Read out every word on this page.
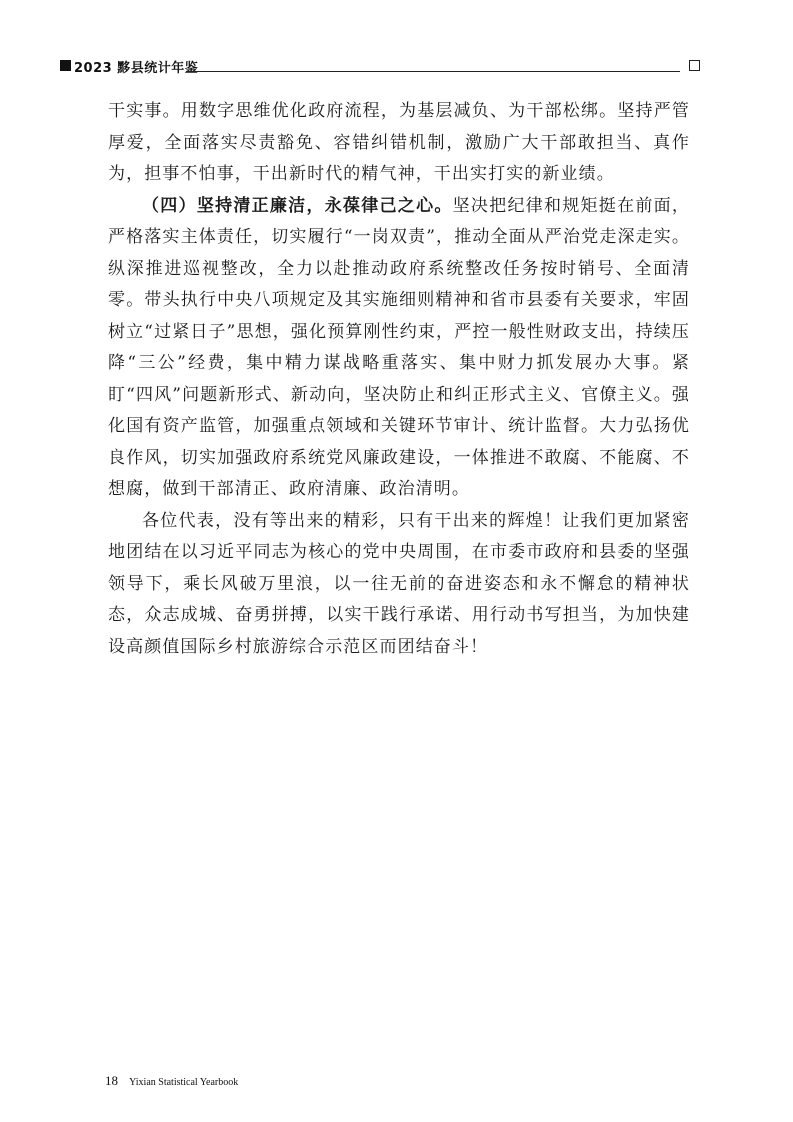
2023 黟县统计年鉴

干实事。用数字思维优化政府流程，为基层减负、为干部松绑。坚持严管厚爱，全面落实尽责豁免、容错纠错机制，激励广大干部敢担当、真作为，担事不怕事，干出新时代的精气神，干出实打实的新业绩。

（四）坚持清正廉洁，永葆律己之心。坚决把纪律和规矩挺在前面，严格落实主体责任，切实履行“一岗双责”，推动全面从严治党走深走实。纵深推进巡视整改，全力以赴推动政府系统整改任务按时销号、全面清零。带头执行中央八项规定及其实施细则精神和省市县委有关要求，牢固树立“过紧日子”思想，强化预算刚性约束，严控一般性财政支出，持续压降“三公”经费，集中精力谋战略重落实、集中财力抓发展办大事。紧盯“四风”问题新形式、新动向，坚决防止和纠正形式主义、官僚主义。强化国有资产监管，加强重点领域和关键环节审计、统计监督。大力弘扬优良作风，切实加强政府系统党风廉政建设，一体推进不敢腐、不能腐、不想腐，做到干部清正、政府清廉、政治清明。

各位代表，没有等出来的精彩，只有干出来的辉煌！让我们更加紧密地团结在以习近平同志为核心的党中央周围，在市委市政府和县委的坚强领导下，乘长风破万里浪，以一往无前的奋进姿态和永不懈怠的精神状态，众志成城、奋勇拼搏，以实干践行承诺、用行动书写担当，为加快建设高颜值国际乡村旅游综合示范区而团结奋斗！

18 Yixian Statistical Yearbook
